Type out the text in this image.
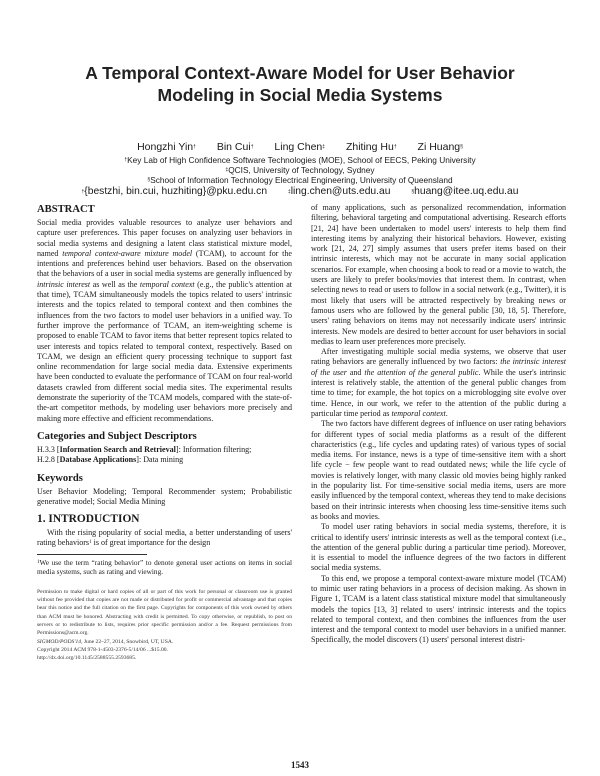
A Temporal Context-Aware Model for User Behavior
Modeling in Social Media Systems
Hongzhi Yin† Bin Cui† Ling Chen‡ Zhiting Hu† Zi Huang§
†Key Lab of High Confidence Software Technologies (MOE), School of EECS, Peking University
‡QCIS, University of Technology, Sydney
§School of Information Technology Electrical Engineering, University of Queensland
†{bestzhi, bin.cui, huzhiting}@pku.edu.cn	‡ling.chen@uts.edu.au	§huang@itee.uq.edu.au
ABSTRACT

Social media provides valuable resources to analyze user behaviors and capture user preferences. This paper focuses on analyzing user behaviors in social media systems and designing a latent class statistical mixture model, named temporal context-aware mixture model (TCAM), to account for the intentions and preferences behind user behaviors. Based on the observation that the behaviors of a user in social media systems are generally influenced by intrinsic interest as well as the temporal context (e.g., the public's attention at that time), TCAM simultaneously models the topics related to users' intrinsic interests and the topics related to temporal context and then combines the influences from the two factors to model user behaviors in a unified way. To further improve the performance of TCAM, an item-weighting scheme is proposed to enable TCAM to favor items that better represent topics related to user interests and topics related to temporal context, respectively. Based on TCAM, we design an efficient query processing technique to support fast online recommendation for large social media data. Extensive experiments have been conducted to evaluate the performance of TCAM on four real-world datasets crawled from different social media sites. The experimental results demonstrate the superiority of the TCAM models, compared with the state-of-the-art competitor methods, by modeling user behaviors more precisely and making more effective and efficient recommendations.

Categories and Subject Descriptors

H.3.3 [Information Search and Retrieval]: Information filtering;

H.2.8 [Database Applications]: Data mining

Keywords

User Behavior Modeling; Temporal Recommender system; Probabilistic generative model; Social Media Mining

1. INTRODUCTION

With the rising popularity of social media, a better understanding of users' rating behaviors$^1$ is of great importance for the design

$^1$We use the term “rating behavior” to denote general user actions on items in social media systems, such as rating and viewing.

Permission to make digital or hard copies of all or part of this work for personal or classroom use is granted without fee provided that copies are not made or distributed for profit or commercial advantage and that copies bear this notice and the full citation on the first page. Copyrights for components of this work owned by others than ACM must be honored. Abstracting with credit is permitted. To copy otherwise, or republish, to post on servers or to redistribute to lists, requires prior specific permission and/or a fee. Request permissions from Permissions@acm.org.

SIGMOD/PODS'14, June 22–27, 2014, Snowbird, UT, USA.

Copyright 2014 ACM 978-1-4503-2376-5/14/06 ...$15.00.

http://dx.doi.org/10.1145/2588555.2593685.

of many applications, such as personalized recommendation, information filtering, behavioral targeting and computational advertising. Research efforts [21, 24] have been undertaken to model users' interests to help them find interesting items by analyzing their historical behaviors. However, existing work [21, 24, 27] simply assumes that users prefer items based on their intrinsic interests, which may not be accurate in many social application scenarios. For example, when choosing a book to read or a movie to watch, the users are likely to prefer books/movies that interest them. In contrast, when selecting news to read or users to follow in a social network (e.g., Twitter), it is most likely that users will be attracted respectively by breaking news or famous users who are followed by the general public [30, 18, 5]. Therefore, users' rating behaviors on items may not necessarily indicate users' intrinsic interests. New models are desired to better account for user behaviors in social medias to learn user preferences more precisely.

After investigating multiple social media systems, we observe that user rating behaviors are generally influenced by two factors: the intrinsic interest of the user and the attention of the general public. While the user's intrinsic interest is relatively stable, the attention of the general public changes from time to time; for example, the hot topics on a microblogging site evolve over time. Hence, in our work, we refer to the attention of the public during a particular time period as temporal context.

The two factors have different degrees of influence on user rating behaviors for different types of social media platforms as a result of the different characteristics (e.g., life cycles and updating rates) of various types of social media items. For instance, news is a type of time-sensitive item with a short life cycle − few people want to read outdated news; while the life cycle of movies is relatively longer, with many classic old movies being highly ranked in the popularity list. For time-sensitive social media items, users are more easily influenced by the temporal context, whereas they tend to make decisions based on their intrinsic interests when choosing less time-sensitive items such as books and movies.

To model user rating behaviors in social media systems, therefore, it is critical to identify users' intrinsic interests as well as the temporal context (i.e., the attention of the general public during a particular time period). Moreover, it is essential to model the influence degrees of the two factors in different social media systems.

To this end, we propose a temporal context-aware mixture model (TCAM) to mimic user rating behaviors in a process of decision making. As shown in Figure 1, TCAM is a latent class statistical mixture model that simultaneously models the topics [13, 3] related to users' intrinsic interests and the topics related to temporal context, and then combines the influences from the user interest and the temporal context to model user behaviors in a unified manner. Specifically, the model discovers (1) users' personal interest distri-

1543
